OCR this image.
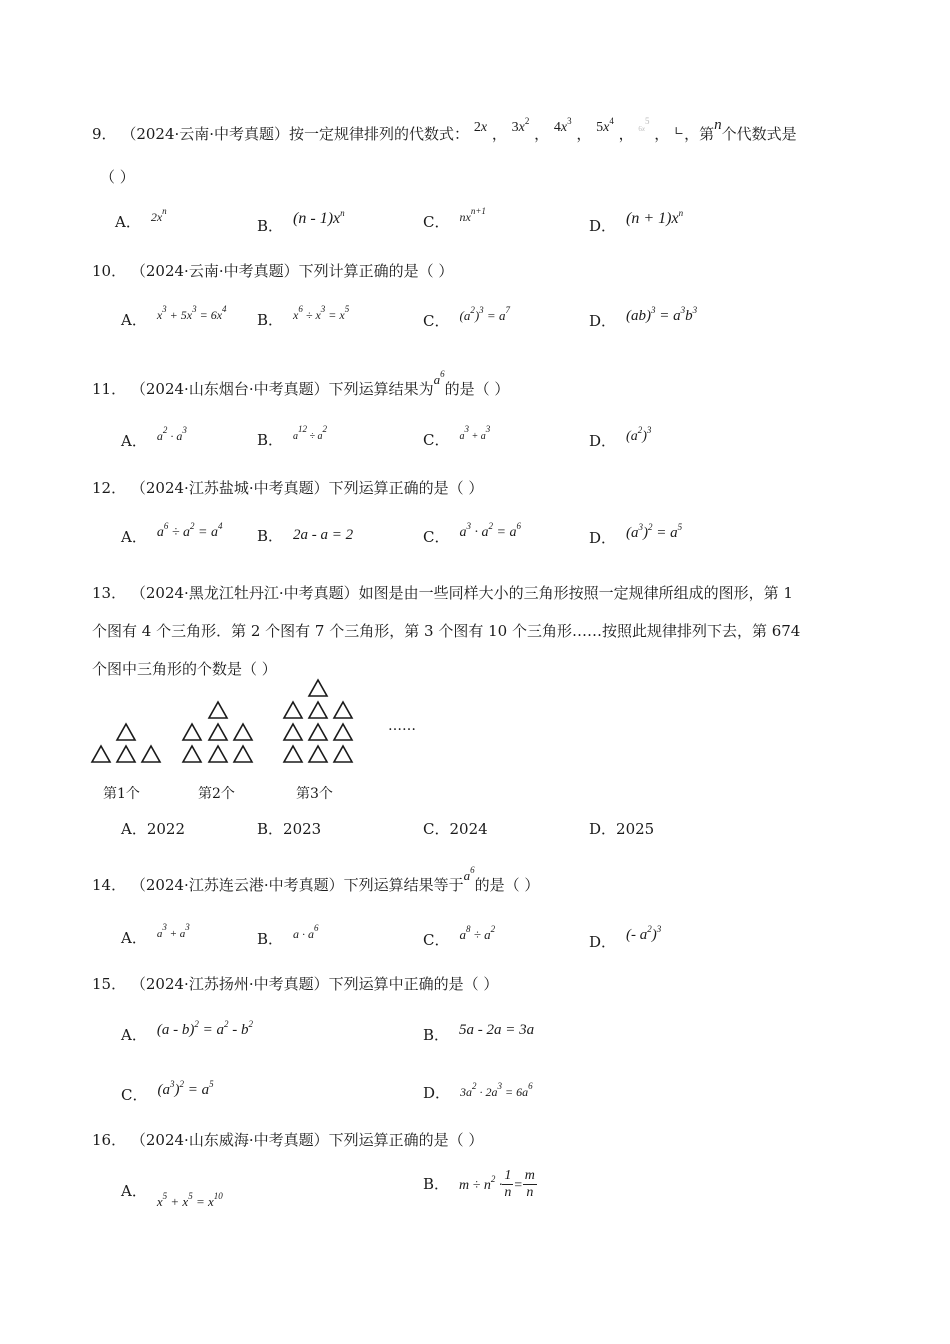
9． （2024·云南·中考真题）按一定规律排列的代数式： 2x ， $3x^2$ ， $4x^3$ ， $5x^4$ ， $6x^5$ ， ∟，第n个代数式是
（ ）
A． $2x^n$
B． $(n - 1)x^n$	C． $nx^{n+1}$
D． $(n + 1)x^n$
10． （2024·云南·中考真题）下列计算正确的是（ ）
A． $x^3 + 5x^3 = 6x^4$
B． $x^6 \div x^3 = x^5$
C． $(a^2)^3 = a^7$
D． $(ab)^3 = a^3b^3$
11． （2024·山东烟台·中考真题）下列运算结果为$a^6$的是（ ）
A． $a^2 \cdot a^3$
B． $a^{12} \div a^2$
C． $a^3 + a^3$
D． $(a^2)^3$
12． （2024·江苏盐城·中考真题）下列运算正确的是（ ）
A． $a^6 \div a^2 = a^4$
B． 2a - a = 2	C． $a^3 \cdot a^2 = a^6$
D． $(a^3)^2 = a^5$
13． （2024·黑龙江牡丹江·中考真题）如图是由一些同样大小的三角形按照一定规律所组成的图形，第 1
个图有 4 个三角形．第 2 个图有 7 个三角形，第 3 个图有 10 个三角形……按照此规律排列下去，第 674
个图中三角形的个数是（ ）
……
第1个	第2个	第3个
A．2022	B．2023	C．2024	D．2025
14． （2024·江苏连云港·中考真题）下列运算结果等于$a^6$的是（ ）
A． $a^3 + a^3$
B． $a \cdot a^6$
C． $a^8 \div a^2$
D． (- $a^2)^3$
15． （2024·江苏扬州·中考真题）下列运算中正确的是（ ）
A． $(a - b)^2 = a^2 - b^2$
B． 5a - 2a = 3a
C． $(a^3)^2 = a^5$	D． $3a^2 \cdot 2a^3 = 6a^6$
16． （2024·山东威海·中考真题）下列运算正确的是（ ）
A．$x^5 + x^5 = x^{10}$
B． $m \div n^2 \cdot \frac{1}{n} = \frac{m}{n}$
